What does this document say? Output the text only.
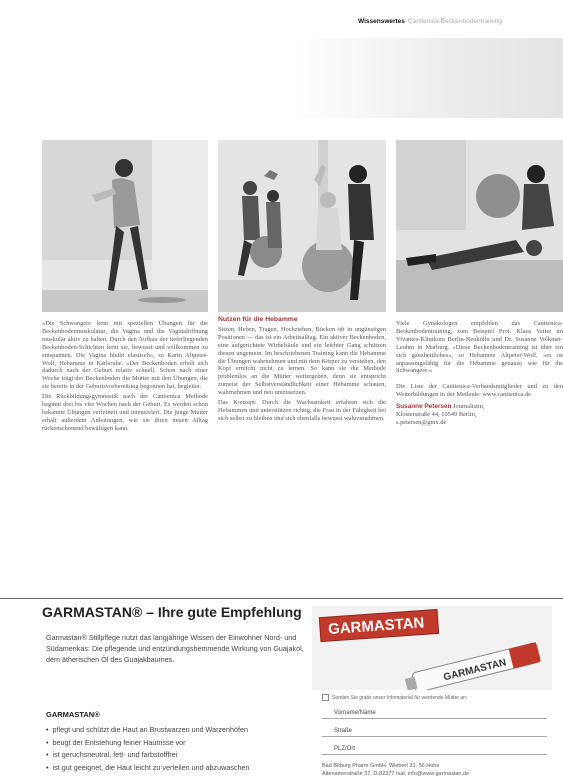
Wissenswertes Cantienica-Beckenbodentraining

»Die Schwangere lernt mit speziellen Übungen für die Beckenbodenmuskulatur, die Vagina und die Vaginalöffnung muskulär aktiv zu halten. Durch den Aufbau der tieferliegenden Beckenboden-Schichten lernt sie, bewusst und vollkommen zu entspannen. Die Vagina bleibt elastisch«, so Karin Altpeter-Wolf, Hebamme in Karlsruhe. »Der Beckenboden erholt sich dadurch nach der Geburt relativ schnell. Schon nach einer Woche trägt der Beckenboden die Mutter mit den Übungen, die sie bereits in der Geburtsvorbereitung begonnen hat, begleitet.

Die Rückbildungsgymnastik nach der Cantienica Methode beginnt drei bis vier Wochen nach der Geburt. Es werden schon bekannte Übungen verfeinert und intensiviert. Die junge Mutter erhält außerdem Anleitungen, wie sie ihren neuen Alltag rückenschonend bewältigen kann.

Nutzen für die Hebamme

Sitzen, Heben, Tragen, Hochziehen, Bücken oft in ungünstigen Positionen — das ist ein Arbeitsalltag. Ein aktiver Beckenboden, eine aufgerichtete Wirbelsäule und ein leichter Gang schützen diesen ungemein. Im beschriebenen Training kann die Hebamme die Übungen wahrnehmen und mit dem Körper zu verstehen, den Kopf erreicht nicht zu lernen. So kann sie die Methode problemlos an die Mütter weitergeben, denn sie entspricht zumeist der Selbstverständlichkeit einer Hebamme schauen, wahrnehmen und neu umzusetzen.

Das Konzept: Durch die Wachsamkeit erfahren sich die Hebammen und unterstützen richtig, die Frau in der Fähigkeit bei sich selbst zu bleiben und sich ebenfalls bewusst wahrzunehmen.

Viele Gynäkologen empfehlen das Cantienica-Beckenbodentraining, zum Beispiel Prof. Klaus Vetter im Vivantes-Klinikum Berlin-Neukölln und Dr. Susanne Volkmer-Leuhm in Marburg. »Diese Beckenbodentraining ist über ein sich ganzheitliches«, so Hebamme Altpeter-Wolf, »es ist anpassungsfähig für die Hebamme genauso wie für die Schwangere.«

Die Liste der Cantienica-Verbandsmitglieder und zu den Weiterbildungen in der Methode: www.cantienica.de

Susanne Petersen Journalistin,
Klosterstraße 44, 10549 Berlin,
s.petersen@gmx.de
GARMASTAN® – Ihre gute Empfehlung
Garmastan® Stillpflege nutzt das langjährige Wissen der Einwohner Nord- und Südamerikas: Die pflegende und entzündungshemmende Wirkung von Guajakol, dem ätherischen Öl des Guajakbaumes.
GARMASTAN®
• pflegt und schützt die Haut an Brustwarzen und Warzenhöfen
• beugt der Entstehung feiner Hautrisse vor
• ist geruchsneutral, fett- und farbstofffrei
• ist gut geeignet, die Haut leicht zu verteilen und abzuwaschen
GARMASTAN
GARMASTAN
Senden Sie gratis unser Infomaterial für werdende Mütter an:
Vorname/Name
Straße
PLZ/Ort
Bad Bitburg Pharm GmbH, Wiebert 31, 56 Hohe
Altenamerstraße 37, D-82377 Isar, info@www.garmastan.de
